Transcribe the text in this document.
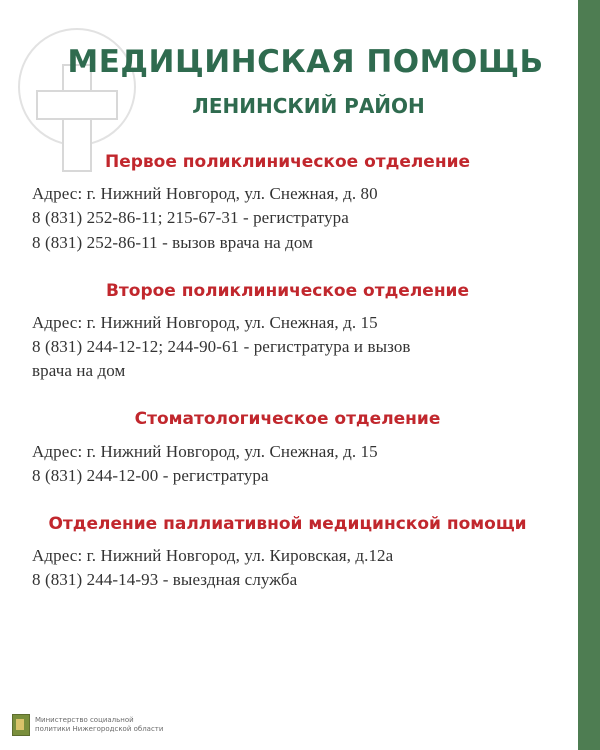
МЕДИЦИНСКАЯ ПОМОЩЬ
ЛЕНИНСКИЙ РАЙОН
Первое поликлиническое отделение

Адрес: г. Нижний Новгород, ул. Снежная, д. 80

8 (831) 252-86-11; 215-67-31 - регистратура

8 (831) 252-86-11 - вызов врача на дом

Второе поликлиническое отделение

Адрес: г. Нижний Новгород, ул. Снежная, д. 15

8 (831) 244-12-12; 244-90-61 - регистратура и вызов

врача на дом

Стоматологическое отделение

Адрес: г. Нижний Новгород, ул. Снежная, д. 15

8 (831) 244-12-00 - регистратура

Отделение паллиативной медицинской помощи

Адрес: г. Нижний Новгород, ул. Кировская, д.12а

8 (831) 244-14-93 - выездная служба

Министерство социальной
политики Нижегородской области
